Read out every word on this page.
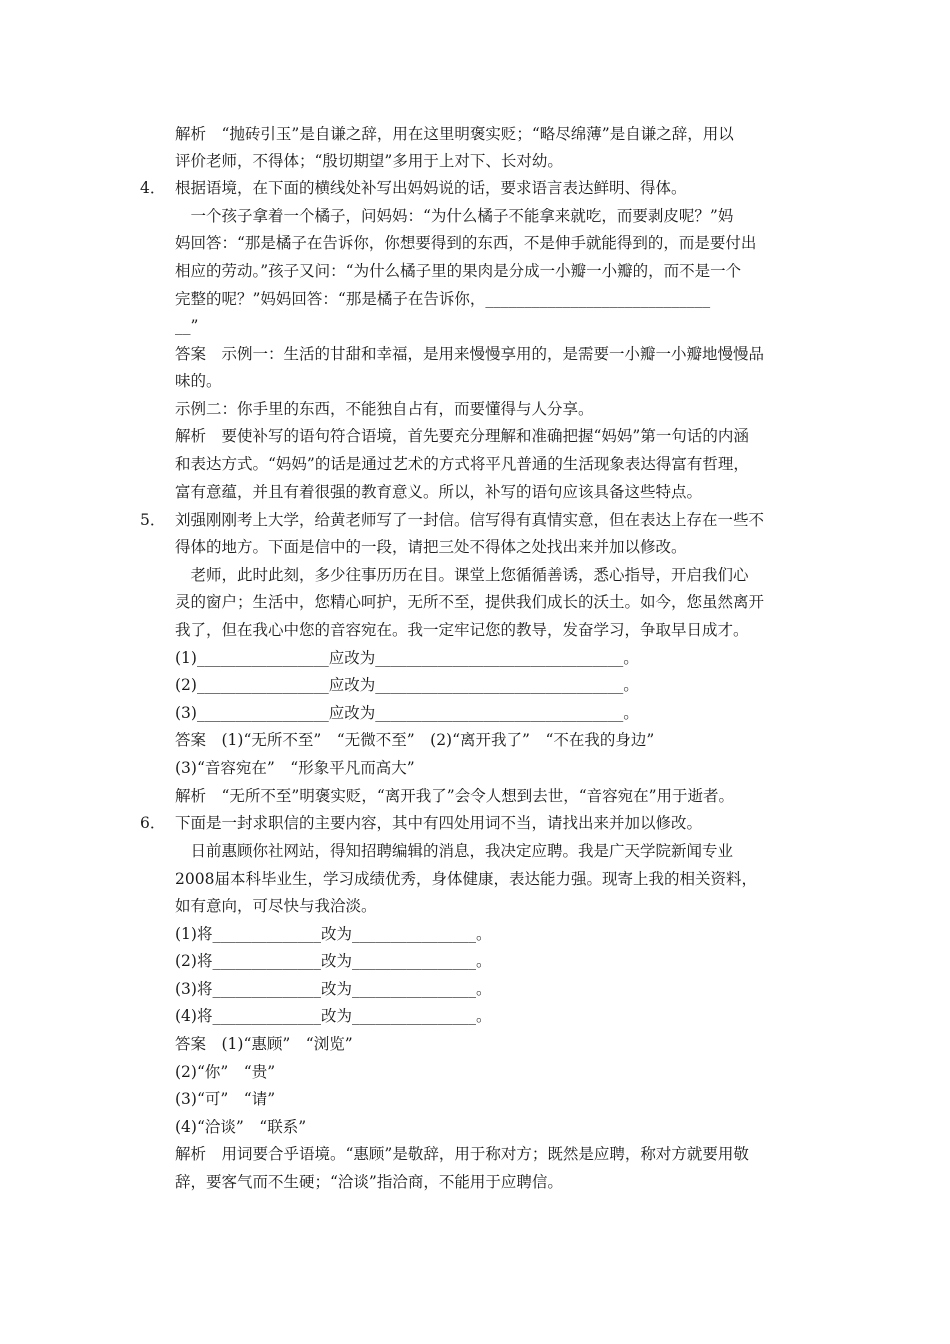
解析　“抛砖引玉”是自谦之辞，用在这里明褒实贬；“略尽绵薄”是自谦之辞，用以
评价老师，不得体；“殷切期望”多用于上对下、长对幼。
4． 根据语境，在下面的横线处补写出妈妈说的话，要求语言表达鲜明、得体。
　一个孩子拿着一个橘子，问妈妈：“为什么橘子不能拿来就吃，而要剥皮呢？”妈
妈回答：“那是橘子在告诉你，你想要得到的东西，不是伸手就能得到的，而是要付出
相应的劳动。”孩子又问：“为什么橘子里的果肉是分成一小瓣一小瓣的，而不是一个
完整的呢？”妈妈回答：“那是橘子在告诉你，_____________________________
__”
答案　示例一：生活的甘甜和幸福，是用来慢慢享用的，是需要一小瓣一小瓣地慢慢品
味的。
示例二：你手里的东西，不能独自占有，而要懂得与人分享。
解析　要使补写的语句符合语境，首先要充分理解和准确把握“妈妈”第一句话的内涵
和表达方式。“妈妈”的话是通过艺术的方式将平凡普通的生活现象表达得富有哲理，
富有意蕴，并且有着很强的教育意义。所以，补写的语句应该具备这些特点。
5． 刘强刚刚考上大学，给黄老师写了一封信。信写得有真情实意，但在表达上存在一些不
得体的地方。下面是信中的一段，请把三处不得体之处找出来并加以修改。
　老师，此时此刻，多少往事历历在目。课堂上您循循善诱，悉心指导，开启我们心
灵的窗户；生活中，您精心呵护，无所不至，提供我们成长的沃土。如今，您虽然离开
我了，但在我心中您的音容宛在。我一定牢记您的教导，发奋学习，争取早日成才。
(1)_________________应改为________________________________。
(2)_________________应改为________________________________。
(3)_________________应改为________________________________。
答案　(1)“无所不至”　“无微不至”　(2)“离开我了”　“不在我的身边”
(3)“音容宛在”　“形象平凡而高大”
解析　“无所不至”明褒实贬，“离开我了”会令人想到去世，“音容宛在”用于逝者。
6． 下面是一封求职信的主要内容，其中有四处用词不当，请找出来并加以修改。
　日前惠顾你社网站，得知招聘编辑的消息，我决定应聘。我是广天学院新闻专业
2008届本科毕业生，学习成绩优秀，身体健康，表达能力强。现寄上我的相关资料，
如有意向，可尽快与我洽淡。
(1)将______________改为________________。
(2)将______________改为________________。
(3)将______________改为________________。
(4)将______________改为________________。
答案　(1)“惠顾”　“浏览”
(2)“你”　“贵”
(3)“可”　“请”
(4)“洽谈”　“联系”
解析　用词要合乎语境。“惠顾”是敬辞，用于称对方；既然是应聘，称对方就要用敬
辞，要客气而不生硬；“洽谈”指洽商，不能用于应聘信。
